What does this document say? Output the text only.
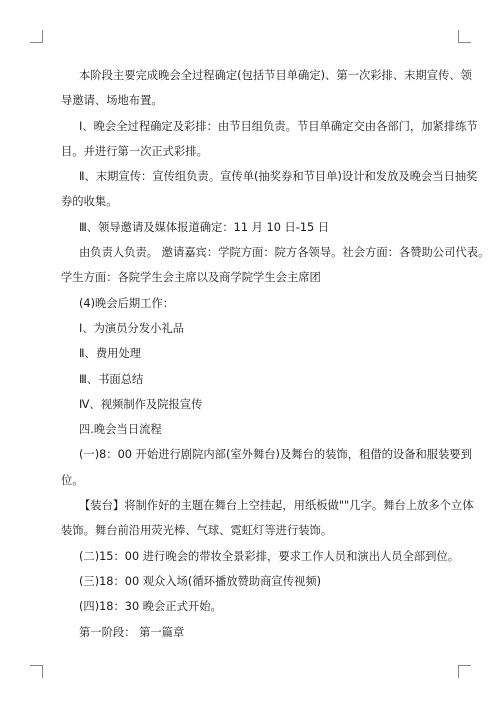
本阶段主要完成晚会全过程确定(包括节目单确定)、第一次彩排、末期宣传、领

导邀请、场地布置。

Ⅰ、晚会全过程确定及彩排：由节目组负责。节目单确定交由各部门，加紧排练节

目。并进行第一次正式彩排。

Ⅱ、末期宣传：宣传组负责。宣传单(抽奖券和节目单)设计和发放及晚会当日抽奖

券的收集。

Ⅲ、领导邀请及媒体报道确定：11 月 10 日-15 日

由负责人负责。 邀请嘉宾：学院方面：院方各领导。社会方面：各赞助公司代表。

学生方面：各院学生会主席以及商学院学生会主席团

(4)晚会后期工作：

Ⅰ、为演员分发小礼品

Ⅱ、费用处理

Ⅲ、书面总结

Ⅳ、视频制作及院报宣传

四.晚会当日流程

(一)8：00 开始进行剧院内部(室外舞台)及舞台的装饰，租借的设备和服装要到

位。

【装台】将制作好的主题在舞台上空挂起，用纸板做""几字。舞台上放多个立体

装饰。舞台前沿用荧光棒、气球、霓虹灯等进行装饰。

(二)15：00 进行晚会的带妆全景彩排，要求工作人员和演出人员全部到位。

(三)18：00 观众入场(循环播放赞助商宣传视频)

(四)18：30 晚会正式开始。

第一阶段： 第一篇章
